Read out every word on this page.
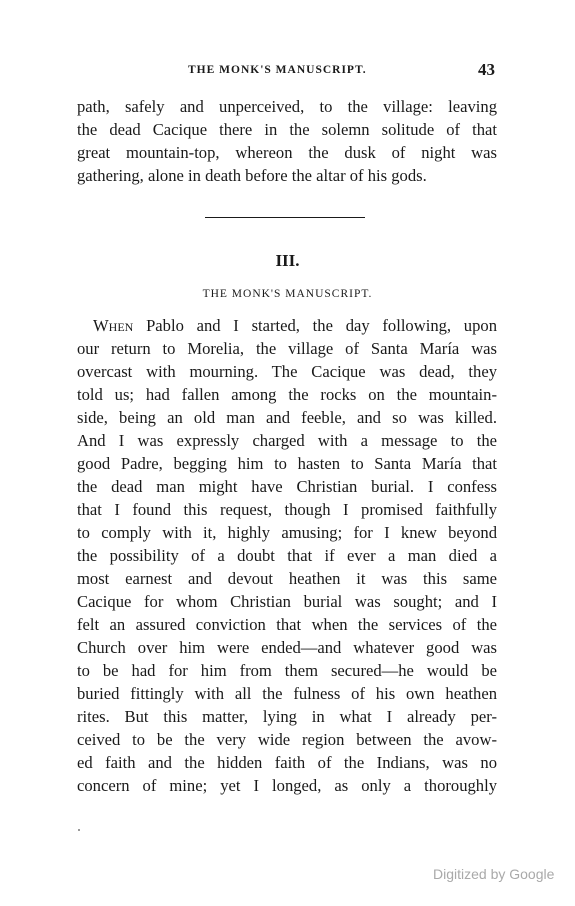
THE MONK'S MANUSCRIPT.	43
path, safely and unperceived, to the village: leaving
the dead Cacique there in the solemn solitude of that
great mountain-top, whereon the dusk of night was
gathering, alone in death before the altar of his gods.
III.
THE MONK'S MANUSCRIPT.
When Pablo and I started, the day following, upon
our return to Morelia, the village of Santa María was
overcast with mourning. The Cacique was dead, they
told us; had fallen among the rocks on the mountain-
side, being an old man and feeble, and so was killed.
And I was expressly charged with a message to the
good Padre, begging him to hasten to Santa María that
the dead man might have Christian burial. I confess
that I found this request, though I promised faithfully
to comply with it, highly amusing; for I knew beyond
the possibility of a doubt that if ever a man died a
most earnest and devout heathen it was this same
Cacique for whom Christian burial was sought; and I
felt an assured conviction that when the services of the
Church over him were ended—and whatever good was
to be had for him from them secured—he would be
buried fittingly with all the fulness of his own heathen
rites. But this matter, lying in what I already per-
ceived to be the very wide region between the avow-
ed faith and the hidden faith of the Indians, was no
concern of mine; yet I longed, as only a thoroughly
Digitized by Google
